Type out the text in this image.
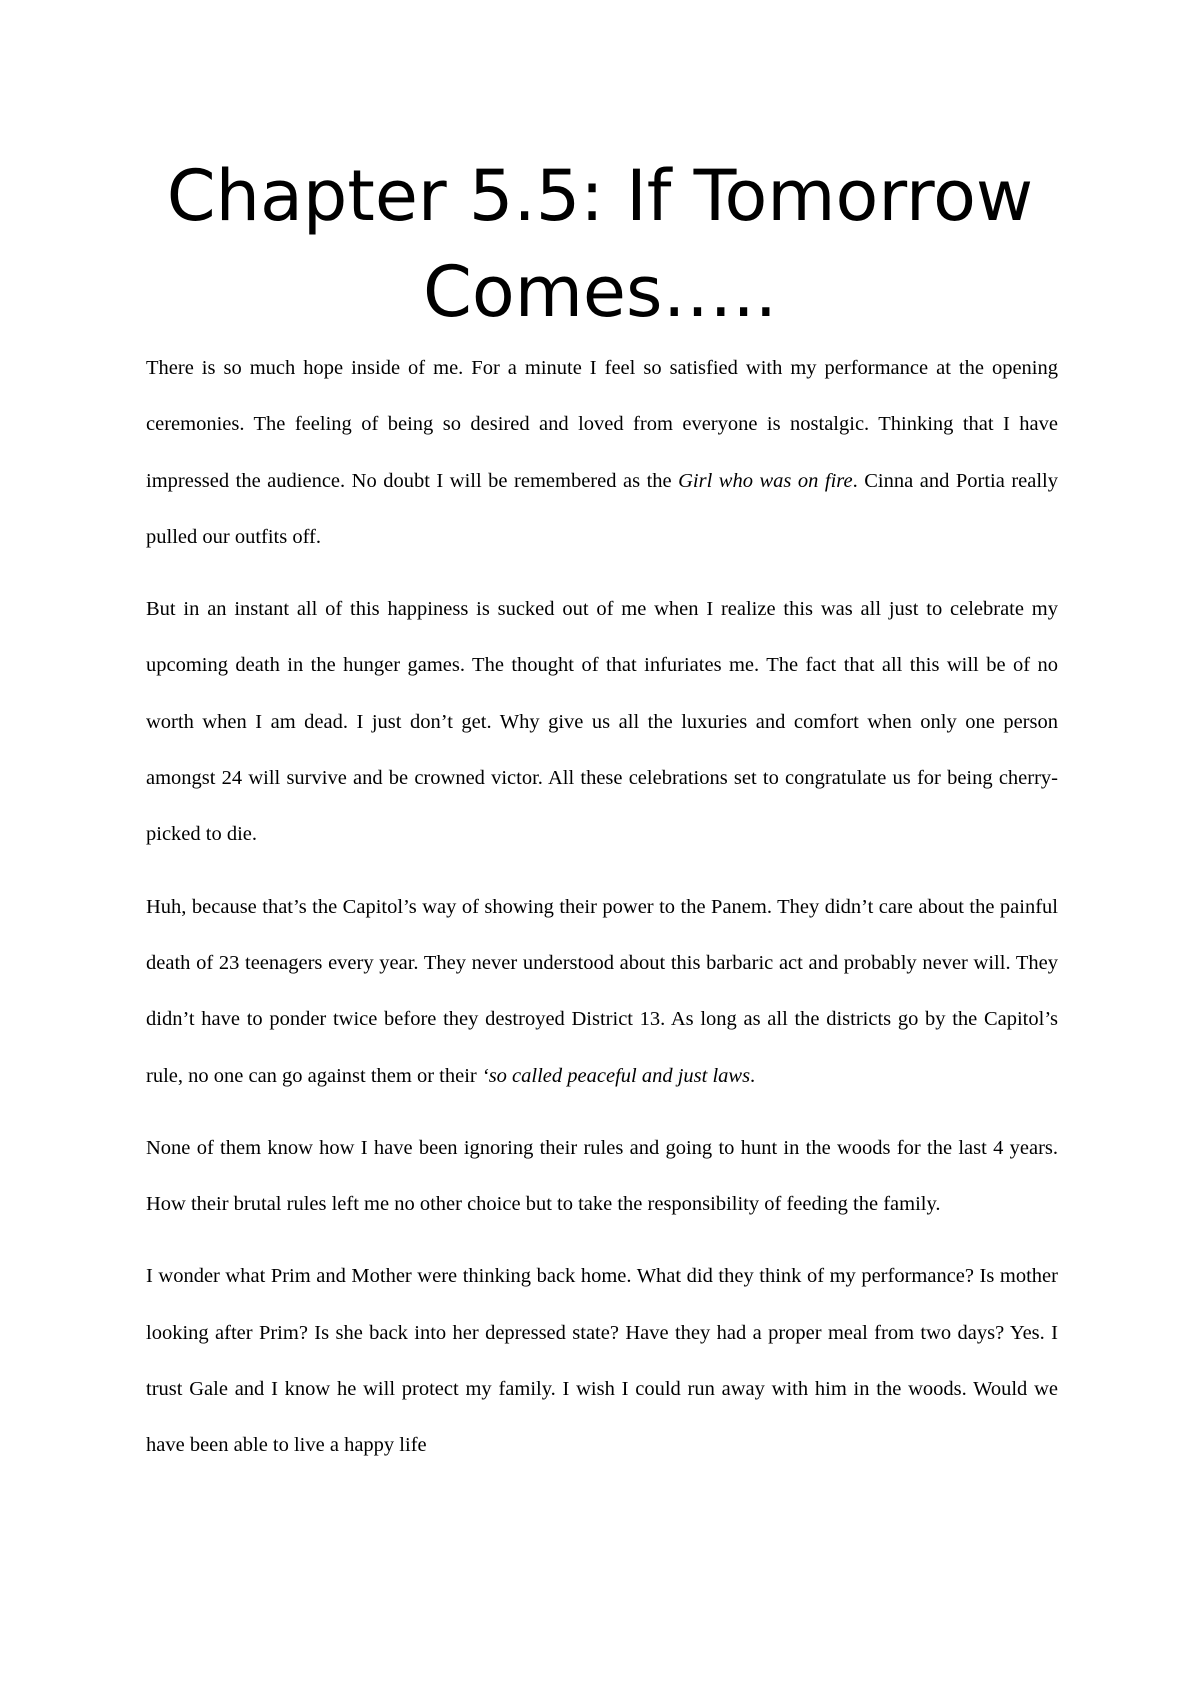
Chapter 5.5: If Tomorrow Comes…..

There is so much hope inside of me. For a minute I feel so satisfied with my performance at the opening ceremonies. The feeling of being so desired and loved from everyone is nostalgic. Thinking that I have impressed the audience. No doubt I will be remembered as the Girl who was on fire. Cinna and Portia really pulled our outfits off.

But in an instant all of this happiness is sucked out of me when I realize this was all just to celebrate my upcoming death in the hunger games. The thought of that infuriates me. The fact that all this will be of no worth when I am dead. I just don’t get. Why give us all the luxuries and comfort when only one person amongst 24 will survive and be crowned victor. All these celebrations set to congratulate us for being cherry-picked to die.

Huh, because that’s the Capitol’s way of showing their power to the Panem. They didn’t care about the painful death of 23 teenagers every year. They never understood about this barbaric act and probably never will. They didn’t have to ponder twice before they destroyed District 13. As long as all the districts go by the Capitol’s rule, no one can go against them or their ‘so called peaceful and just laws.

None of them know how I have been ignoring their rules and going to hunt in the woods for the last 4 years. How their brutal rules left me no other choice but to take the responsibility of feeding the family.

I wonder what Prim and Mother were thinking back home. What did they think of my performance? Is mother looking after Prim? Is she back into her depressed state? Have they had a proper meal from two days? Yes. I trust Gale and I know he will protect my family. I wish I could run away with him in the woods. Would we have been able to live a happy life
